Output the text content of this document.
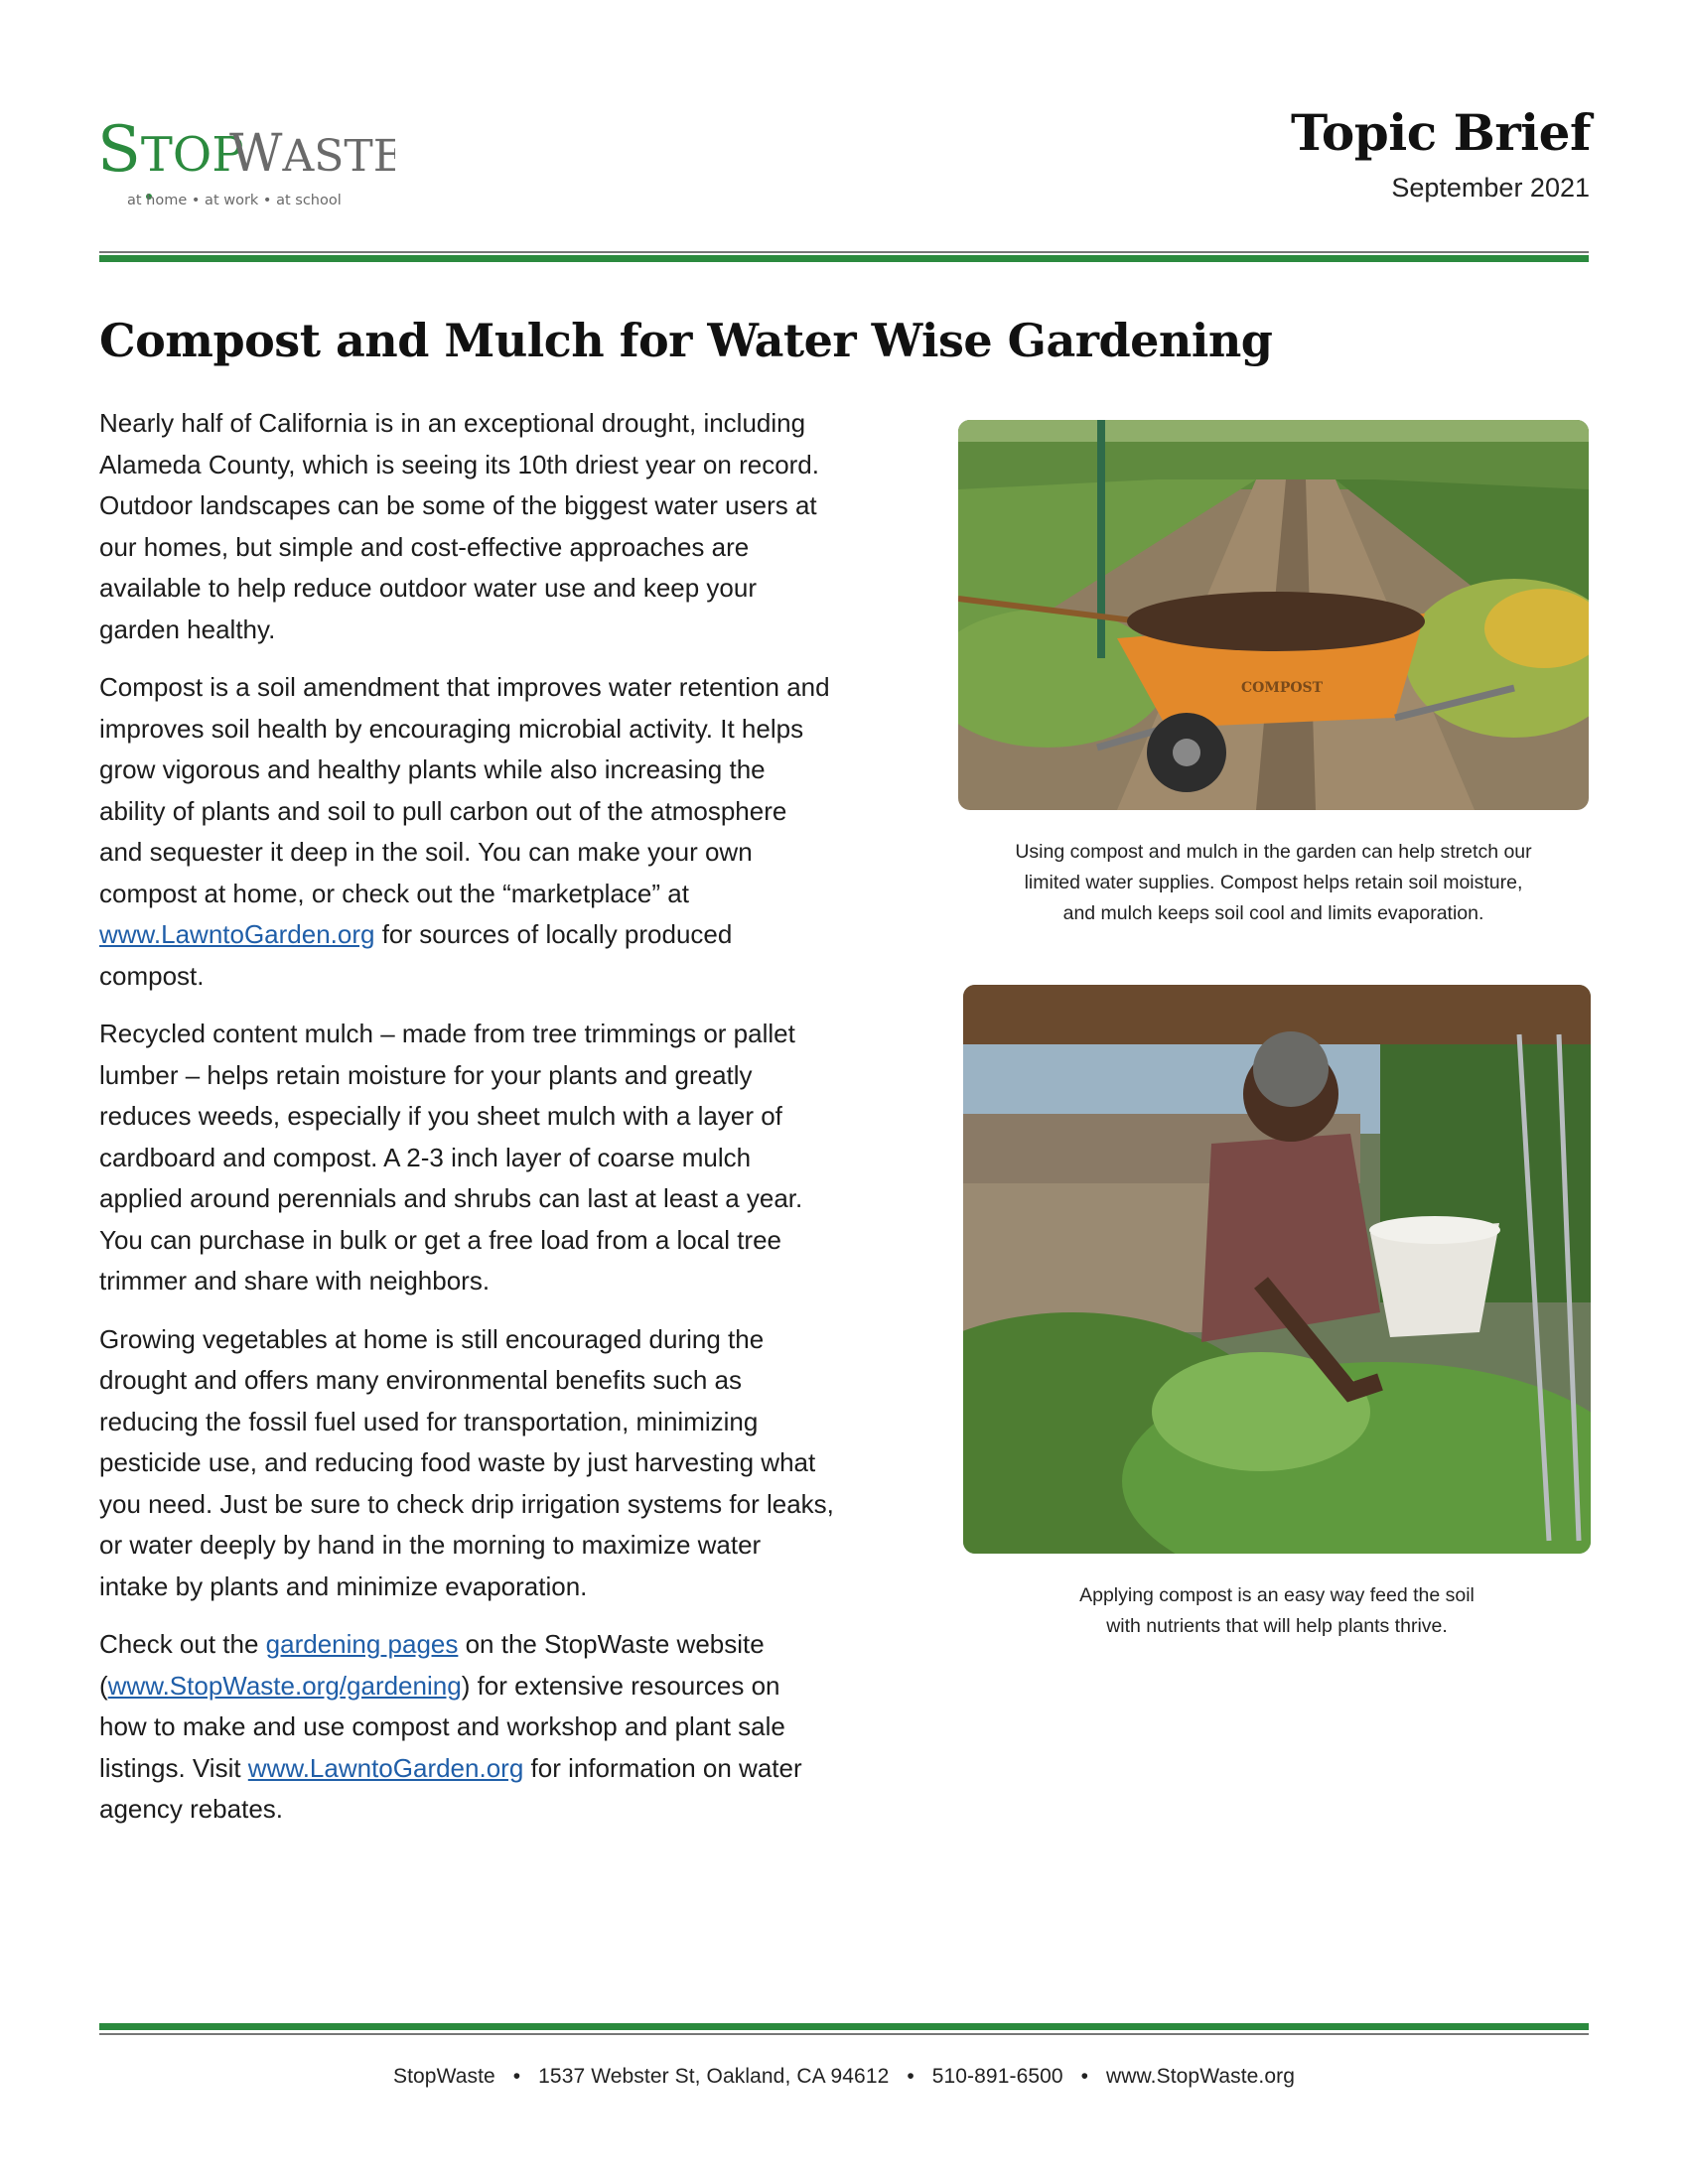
STOP
WASTE
at home • at work • at school
Topic Brief
September 2021
Compost and Mulch for Water Wise Gardening

Nearly half of California is in an exceptional drought, including Alameda County, which is seeing its 10th driest year on record. Outdoor landscapes can be some of the biggest water users at our homes, but simple and cost-effective approaches are available to help reduce outdoor water use and keep your garden healthy.

Compost is a soil amendment that improves water retention and improves soil health by encouraging microbial activity. It helps grow vigorous and healthy plants while also increasing the ability of plants and soil to pull carbon out of the atmosphere and sequester it deep in the soil. You can make your own compost at home, or check out the “marketplace” at www.LawntoGarden.org for sources of locally produced compost.

Recycled content mulch – made from tree trimmings or pallet lumber – helps retain moisture for your plants and greatly reduces weeds, especially if you sheet mulch with a layer of cardboard and compost. A 2-3 inch layer of coarse mulch applied around perennials and shrubs can last at least a year. You can purchase in bulk or get a free load from a local tree trimmer and share with neighbors.

Growing vegetables at home is still encouraged during the drought and offers many environmental benefits such as reducing the fossil fuel used for transportation, minimizing pesticide use, and reducing food waste by just harvesting what you need. Just be sure to check drip irrigation systems for leaks, or water deeply by hand in the morning to maximize water intake by plants and minimize evaporation.

Check out the gardening pages on the StopWaste website (www.StopWaste.org/gardening) for extensive resources on how to make and use compost and workshop and plant sale listings. Visit www.LawntoGarden.org for information on water agency rebates.

COMPOST
Using compost and mulch in the garden can help stretch our
limited water supplies. Compost helps retain soil moisture,
and mulch keeps soil cool and limits evaporation.
Applying compost is an easy way feed the soil
with nutrients that will help plants thrive.
StopWaste • 1537 Webster St, Oakland, CA 94612 • 510-891-6500 • www.StopWaste.org
